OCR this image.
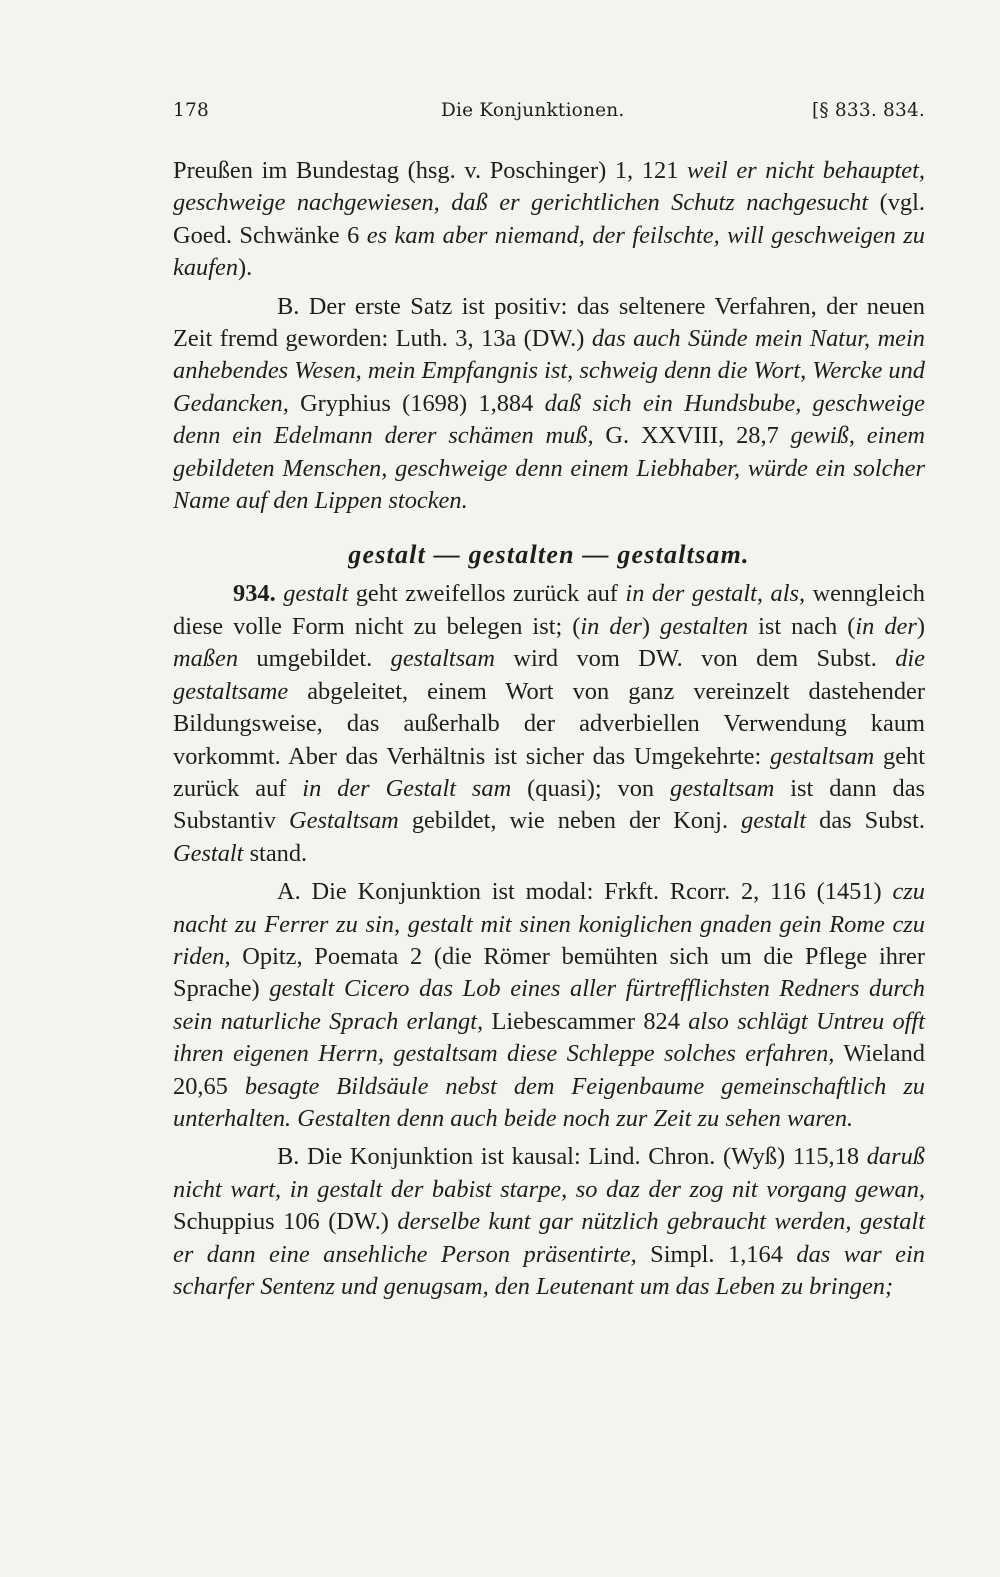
178	Die Konjunktionen.	[§ 833. 834.

Preußen im Bundestag (hsg. v. Poschinger) 1, 121 weil er nicht behauptet, geschweige nachgewiesen, daß er gerichtlichen Schutz nachgesucht (vgl. Goed. Schwänke 6 es kam aber niemand, der feilschte, will geschweigen zu kaufen).

B. Der erste Satz ist positiv: das seltenere Verfahren, der neuen Zeit fremd geworden: Luth. 3, 13a (DW.) das auch Sünde mein Natur, mein anhebendes Wesen, mein Empfangnis ist, schweig denn die Wort, Wercke und Gedancken, Gryphius (1698) 1,884 daß sich ein Hundsbube, geschweige denn ein Edelmann derer schämen muß, G. XXVIII, 28,7 gewiß, einem gebildeten Menschen, geschweige denn einem Liebhaber, würde ein solcher Name auf den Lippen stocken.

gestalt — gestalten — gestaltsam.

934. gestalt geht zweifellos zurück auf in der gestalt, als, wenngleich diese volle Form nicht zu belegen ist; (in der) gestalten ist nach (in der) maßen umgebildet. gestaltsam wird vom DW. von dem Subst. die gestaltsame abgeleitet, einem Wort von ganz vereinzelt dastehender Bildungsweise, das außerhalb der adverbiellen Verwendung kaum vorkommt. Aber das Verhältnis ist sicher das Umgekehrte: gestaltsam geht zurück auf in der Gestalt sam (quasi); von gestaltsam ist dann das Substantiv Gestaltsam gebildet, wie neben der Konj. gestalt das Subst. Gestalt stand.

A. Die Konjunktion ist modal: Frkft. Rcorr. 2, 116 (1451) czu nacht zu Ferrer zu sin, gestalt mit sinen koniglichen gnaden gein Rome czu riden, Opitz, Poemata 2 (die Römer bemühten sich um die Pflege ihrer Sprache) gestalt Cicero das Lob eines aller fürtrefflichsten Redners durch sein naturliche Sprach erlangt, Liebescammer 824 also schlägt Untreu offt ihren eigenen Herrn, gestaltsam diese Schleppe solches erfahren, Wieland 20,65 besagte Bildsäule nebst dem Feigenbaume gemeinschaftlich zu unterhalten. Gestalten denn auch beide noch zur Zeit zu sehen waren.

B. Die Konjunktion ist kausal: Lind. Chron. (Wyß) 115,18 daruß nicht wart, in gestalt der babist starpe, so daz der zog nit vorgang gewan, Schuppius 106 (DW.) derselbe kunt gar nützlich gebraucht werden, gestalt er dann eine ansehliche Person präsentirte, Simpl. 1,164 das war ein scharfer Sentenz und genugsam, den Leutenant um das Leben zu bringen;
